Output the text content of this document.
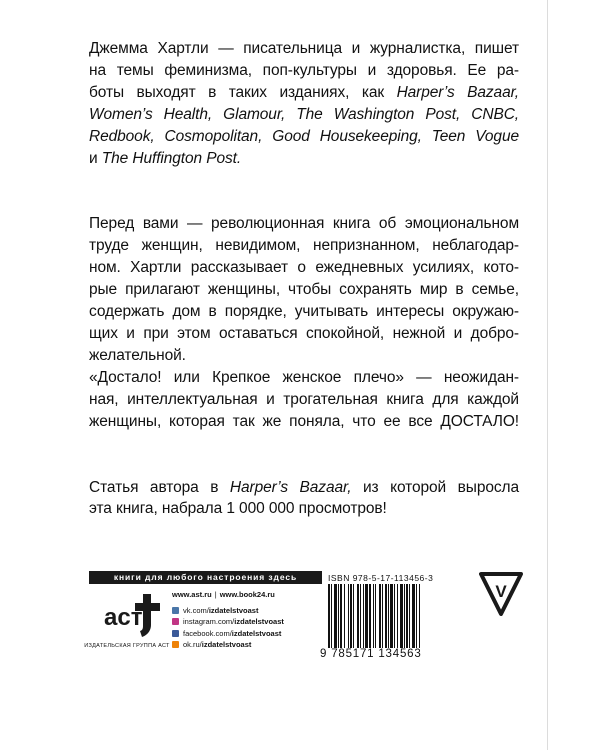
Джемма Хартли — писательница и журналистка, пишет
на темы феминизма, поп-культуры и здоровья. Ее ра-
боты выходят в таких изданиях, как Harper’s Bazaar,
Women’s Health, Glamour, The Washington Post, CNBC,
Redbook, Cosmopolitan, Good Housekeeping, Teen Vogue
и The Huffington Post.

Перед вами — революционная книга об эмоциональном
труде женщин, невидимом, непризнанном, неблагодар-
ном. Хартли рассказывает о ежедневных усилиях, кото-
рые прилагают женщины, чтобы сохранять мир в семье,
содержать дом в порядке, учитывать интересы окружаю-
щих и при этом оставаться спокойной, нежной и добро-
желательной.
«Достало! или Крепкое женское плечо» — неожидан-
ная, интеллектуальная и трогательная книга для каждой
женщины, которая так же поняла, что ее все ДОСТАЛО!

Статья автора в Harper’s Bazaar, из которой выросла
эта книга, набрала 1 000 000 просмотров!

книги для любого настроения здесь
аст
ИЗДАТЕЛЬСКАЯ ГРУППА АСТ
www.ast.ru | www.book24.ru
vk.com/ izdatelstvoast
instagram.com/ izdatelstvoast
facebook.com/ izdatelstvoast
ok.ru/ izdatelstvoast
ISBN 978-5-17-113456-3
9 785171 134563
V
